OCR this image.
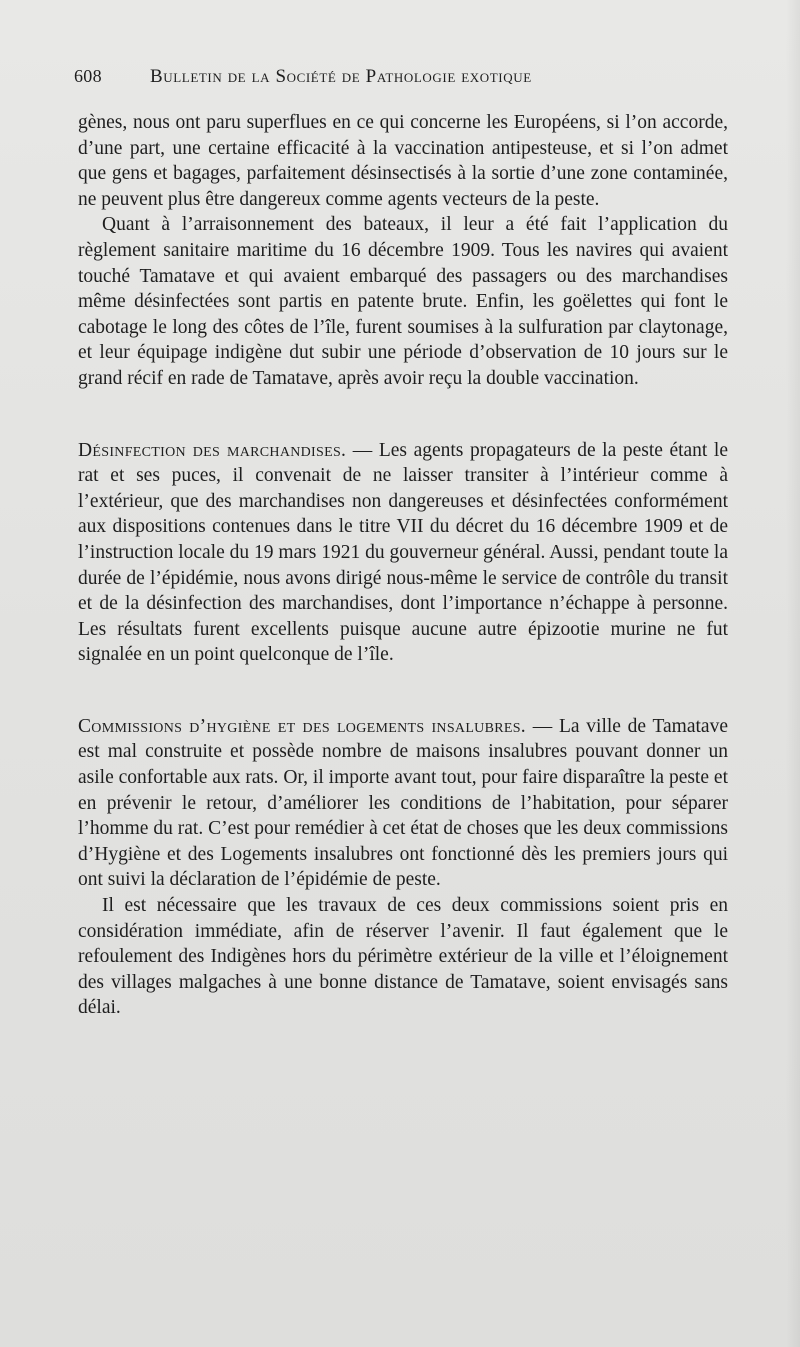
608	Bulletin de la Société de Pathologie exotique

gènes, nous ont paru superflues en ce qui concerne les Européens, si l’on accorde, d’une part, une certaine efficacité à la vaccination antipesteuse, et si l’on admet que gens et bagages, parfaitement désinsectisés à la sortie d’une zone contaminée, ne peuvent plus être dangereux comme agents vecteurs de la peste.

Quant à l’arraisonnement des bateaux, il leur a été fait l’application du règlement sanitaire maritime du 16 décembre 1909. Tous les navires qui avaient touché Tamatave et qui avaient embarqué des passagers ou des marchandises même désinfectées sont partis en patente brute. Enfin, les goëlettes qui font le cabotage le long des côtes de l’île, furent soumises à la sulfuration par claytonage, et leur équipage indigène dut subir une période d’observation de 10 jours sur le grand récif en rade de Tamatave, après avoir reçu la double vaccination.

Désinfection des marchandises. — Les agents propagateurs de la peste étant le rat et ses puces, il convenait de ne laisser transiter à l’intérieur comme à l’extérieur, que des marchandises non dangereuses et désinfectées conformément aux dispositions contenues dans le titre VII du décret du 16 décembre 1909 et de l’instruction locale du 19 mars 1921 du gouverneur général. Aussi, pendant toute la durée de l’épidémie, nous avons dirigé nous-même le service de contrôle du transit et de la désinfection des marchandises, dont l’importance n’échappe à personne. Les résultats furent excellents puisque aucune autre épizootie murine ne fut signalée en un point quelconque de l’île.

Commissions d’hygiène et des logements insalubres. — La ville de Tamatave est mal construite et possède nombre de maisons insalubres pouvant donner un asile confortable aux rats. Or, il importe avant tout, pour faire disparaître la peste et en prévenir le retour, d’améliorer les conditions de l’habitation, pour séparer l’homme du rat. C’est pour remédier à cet état de choses que les deux commissions d’Hygiène et des Logements insalubres ont fonctionné dès les premiers jours qui ont suivi la déclaration de l’épidémie de peste.

Il est nécessaire que les travaux de ces deux commissions soient pris en considération immédiate, afin de réserver l’avenir. Il faut également que le refoulement des Indigènes hors du périmètre extérieur de la ville et l’éloignement des villages malgaches à une bonne distance de Tamatave, soient envisagés sans délai.
